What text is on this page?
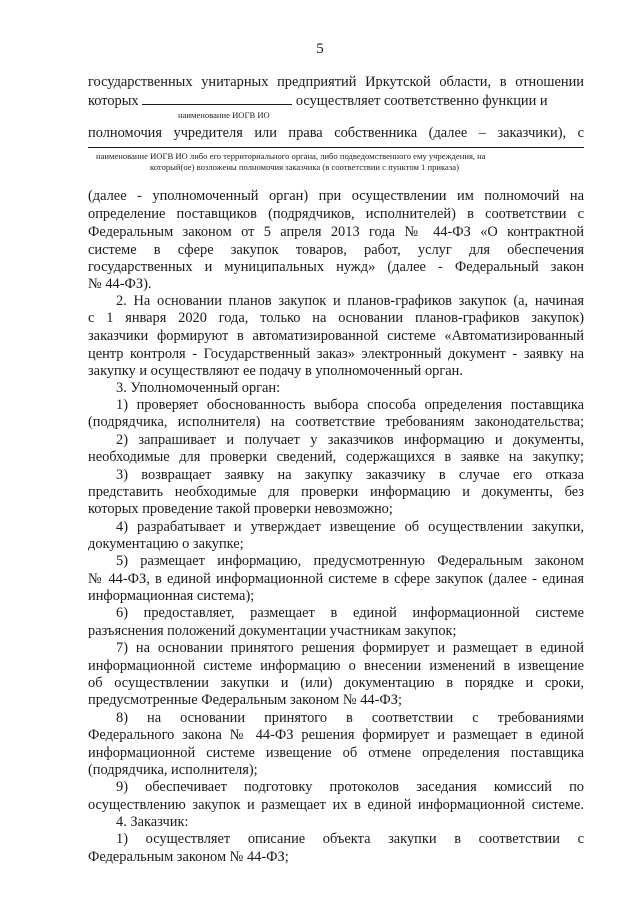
5
государственных унитарных предприятий Иркутской области, в отношении
которых	осуществляет соответственно функции и
наименование ИОГВ ИО
полномочия учредителя или права собственника (далее – заказчики), с
наименование ИОГВ ИО либо его территориального органа, либо подведомственного ему учреждения, на
который(ое) возложены полномочия заказчика (в соответствии с пунктом 1 приказа)
(далее - уполномоченный орган) при осуществлении им полномочий на
определение поставщиков (подрядчиков, исполнителей) в соответствии с
Федеральным законом от 5 апреля 2013 года № 44-ФЗ «О контрактной
системе в сфере закупок товаров, работ, услуг для обеспечения
государственных и муниципальных нужд» (далее - Федеральный закон
№ 44-ФЗ).
2. На основании планов закупок и планов-графиков закупок (а, начиная
с 1 января 2020 года, только на основании планов-графиков закупок)
заказчики формируют в автоматизированной системе «Автоматизированный
центр контроля - Государственный заказ» электронный документ - заявку на
закупку и осуществляют ее подачу в уполномоченный орган.
3. Уполномоченный орган:
1) проверяет обоснованность выбора способа определения поставщика
(подрядчика, исполнителя) на соответствие требованиям законодательства;
2) запрашивает и получает у заказчиков информацию и документы,
необходимые для проверки сведений, содержащихся в заявке на закупку;
3) возвращает заявку на закупку заказчику в случае его отказа
представить необходимые для проверки информацию и документы, без
которых проведение такой проверки невозможно;
4) разрабатывает и утверждает извещение об осуществлении закупки,
документацию о закупке;
5) размещает информацию, предусмотренную Федеральным законом
№ 44-ФЗ, в единой информационной системе в сфере закупок (далее - единая
информационная система);
6) предоставляет, размещает в единой информационной системе
разъяснения положений документации участникам закупок;
7) на основании принятого решения формирует и размещает в единой
информационной системе информацию о внесении изменений в извещение
об осуществлении закупки и (или) документацию в порядке и сроки,
предусмотренные Федеральным законом № 44-ФЗ;
8) на основании принятого в соответствии с требованиями
Федерального закона № 44-ФЗ решения формирует и размещает в единой
информационной системе извещение об отмене определения поставщика
(подрядчика, исполнителя);
9) обеспечивает подготовку протоколов заседания комиссий по
осуществлению закупок и размещает их в единой информационной системе.
4. Заказчик:
1) осуществляет описание объекта закупки в соответствии с
Федеральным законом № 44-ФЗ;
